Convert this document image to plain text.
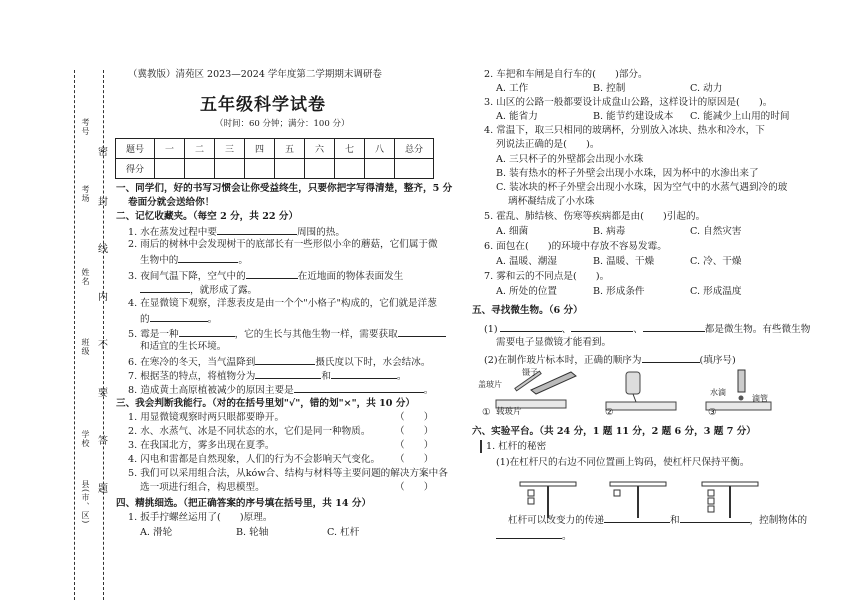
考号
考场
姓名
班级
学校
县(市、区)
密
封
线
内
不
要
答
题
（冀教版）清苑区 2023—2024 学年度第二学期期末调研卷
五年级科学试卷
（时间：60 分钟；满分：100 分）
题号	一	二	三	四	五	六	七	八	总分
得分									
一、同学们，好的书写习惯会让你受益终生，只要你把字写得清楚，整齐，5 分
卷面分就会送给你！
二、记忆收藏夹。（每空 2 分，共 22 分）
1. 水在蒸发过程中要	周围的热。
2. 雨后的树林中会发现树干的底部长有一些形似小伞的蘑菇，它们属于微
生物中的	。
3. 夜间气温下降，空气中的	在近地面的物体表面发生
，就形成了露。
4. 在显微镜下观察，洋葱表皮是由一个个"小格子"构成的，它们就是洋葱
的	。
5. 霉是一种	，它的生长与其他生物一样，需要获取
和适宜的生长环境。
6. 在寒冷的冬天，当气温降到	摄氏度以下时，水会结冰。
7. 根据茎的特点，将植物分为	和	。
8. 造成黄土高原植被减少的原因主要是	。
三、我会判断我能行。（对的在括号里划"√"，错的划"×"，共 10 分）
1. 用显微镜观察时两只眼都要睁开。	（　　）
2. 水、水蒸气、冰是不同状态的水，它们是同一种物质。	（　　）
3. 在我国北方，雾多出现在夏季。	（　　）
4. 闪电和雷都是自然现象，人们的行为不会影响天气变化。 （　　）
5. 我们可以采用组合法，从ków合、结构与材料等主要问题的解决方案中各
选一项进行组合，构思模型。	（　　）
四、精挑细选。（把正确答案的序号填在括号里，共 14 分）
1. 扳手拧螺丝运用了(　　)原理。
A. 滑轮	B. 轮轴	C. 杠杆
2. 车把和车闸是自行车的(　　)部分。
A. 工作	B. 控制	C. 动力
3. 山区的公路一般都要设计成盘山公路，这样设计的原因是(　　)。
A. 能省力	B. 能节约建设成本 C. 能减少上山用的时间
4. 常温下，取三只相同的玻璃杯，分别放入冰块、热水和冷水，下
列说法正确的是(　　)。
A. 三只杯子的外壁都会出现小水珠
B. 装有热水的杯子外壁会出现小水珠，因为杯中的水渗出来了
C. 装冰块的杯子外壁会出现小水珠，因为空气中的水蒸气遇到冷的玻
璃杯凝结成了小水珠
5. 霍乱、肺结核、伤寒等疾病都是由(　　)引起的。
A. 细菌	B. 病毒	C. 自然灾害
6. 面包在(　　)的环境中存放不容易发霉。
A. 温暖、潮湿	B. 温暖、干燥	C. 冷、干燥
7. 雾和云的不同点是(　　)。
A. 所处的位置	B. 形成条件	C. 形成温度
五、寻找微生物。（6 分）
(1)	、	、	都是微生物。有些微生物
需要电子显微镜才能看到。
(2)在制作玻片标本时，正确的顺序为	(填序号)
镊子
盖玻片
水滴
滴管
① 载玻片	②	③
六、实验平台。（共 24 分，1 题 11 分，2 题 6 分，3 题 7 分）
1. 杠杆的秘密
(1)在杠杆尺的右边不同位置画上钩码，使杠杆尺保持平衡。
杠杆可以改变力的传递	和	，控制物体的
。
